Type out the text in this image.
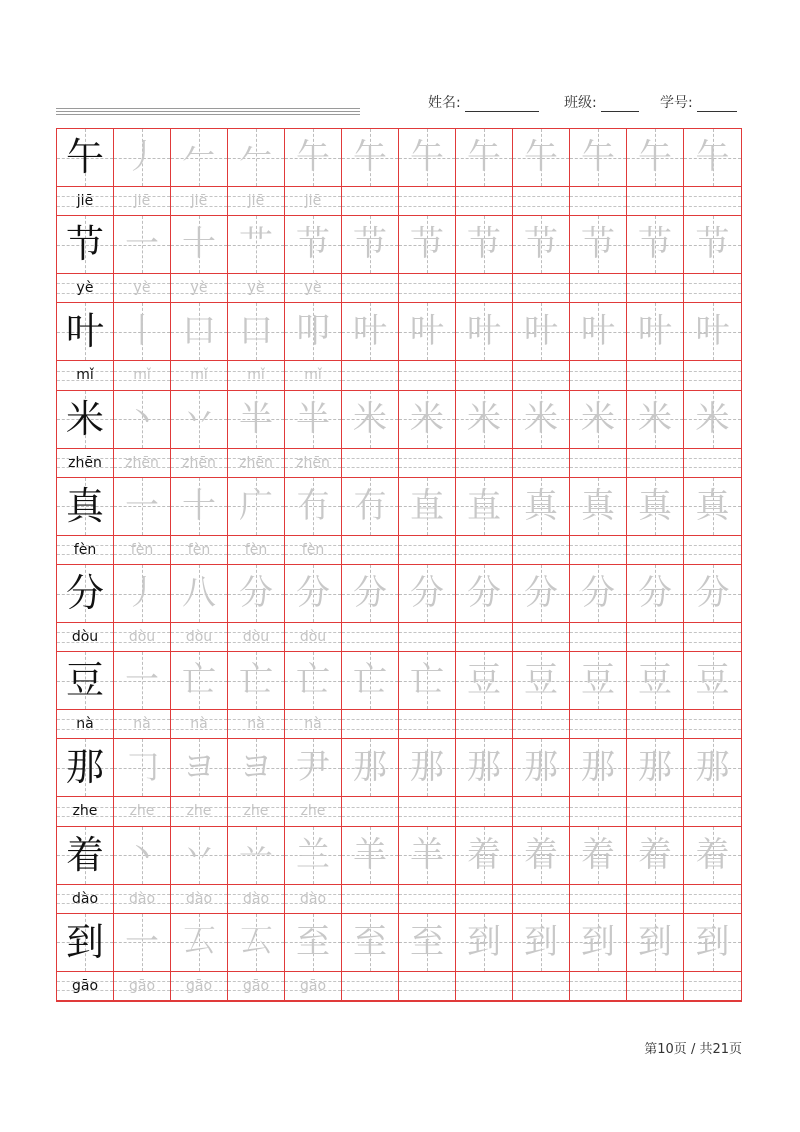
姓名:	班级:	学号:
午 丿 𠂉 𠂉 午 午 午 午 午 午 午 午
jiē	jiē	jiē	jiē	jiē
节 一 十 艹 节 节 节 节 节 节 节 节
yè	yè	yè	yè	yè
叶 丨 口 口 叩 叶 叶 叶 叶 叶 叶 叶
mǐ	mǐ	mǐ	mǐ	mǐ
米 丶 丷 半 半 米 米 米 米 米 米 米
zhēn	zhēn	zhēn	zhēn	zhēn
真 一 十 广 冇 冇 直 直 真 真 真 真
fèn	fèn	fèn	fèn	fèn
分 丿 八 分 分 分 分 分 分 分 分 分
dòu	dòu	dòu	dòu	dòu
豆 一 亡 亡 亡 亡 亡 豆 豆 豆 豆 豆
nà	nà	nà	nà	nà
那 𠃌 ヨ ヨ 尹 那 那 那 那 那 那 那
zhe	zhe	zhe	zhe	zhe
着 丶 丷 䒑 兰 羊 羊 着 着 着 着 着
dào	dào	dào	dào	dào
到 一 𠫔 𠫔 至 至 至 到 到 到 到 到
gāo	gāo	gāo	gāo	gāo
第10页 / 共21页
